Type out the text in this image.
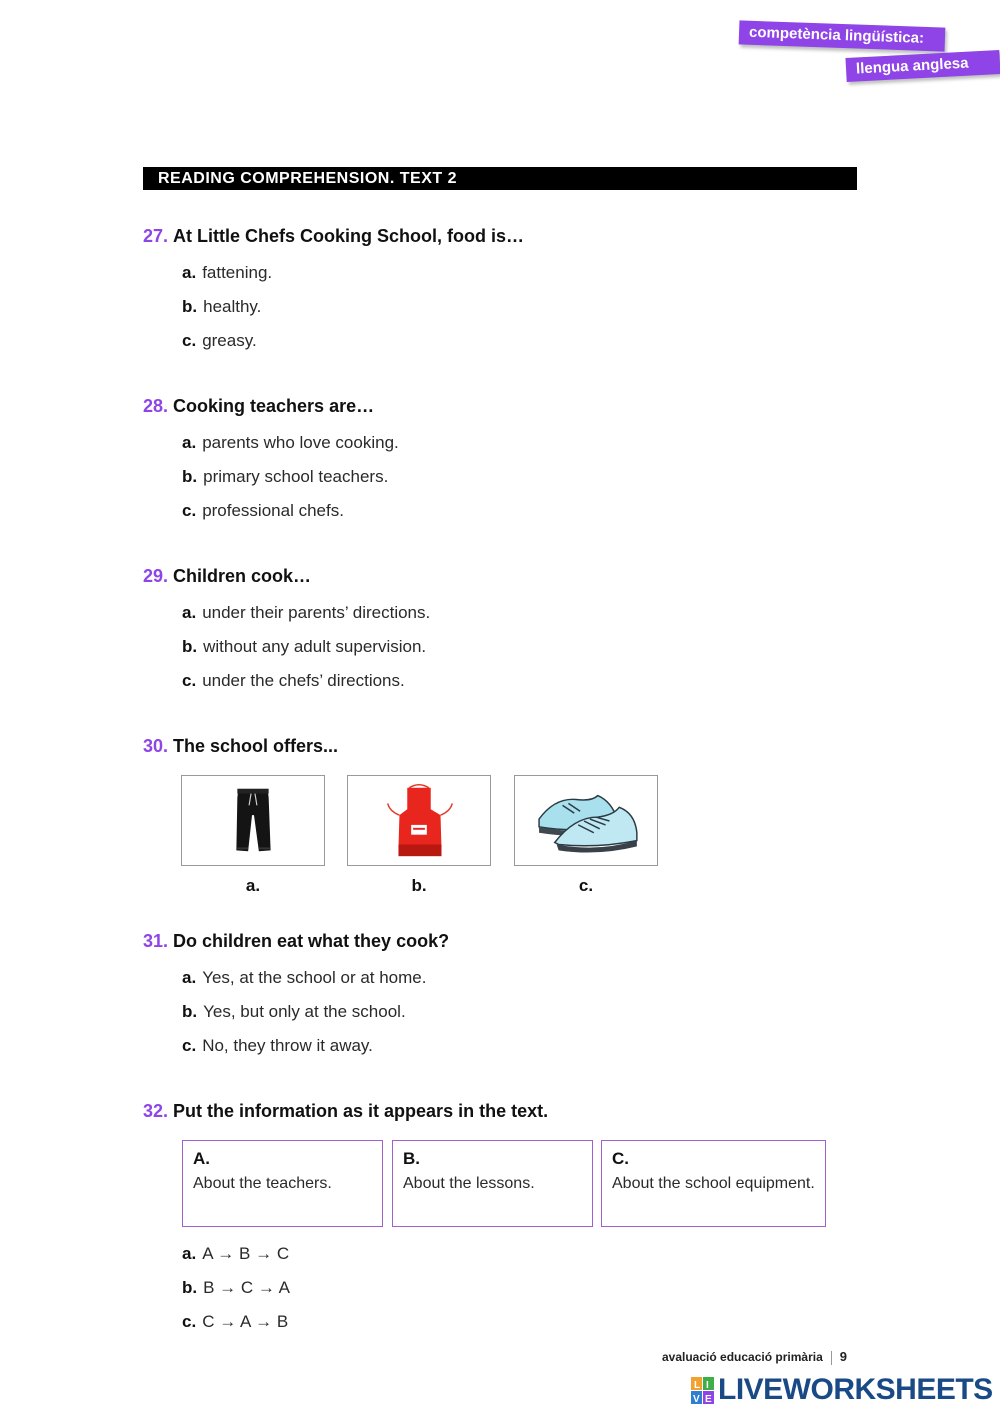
competència lingüística:
llengua anglesa
READING COMPREHENSION. TEXT 2
27. At Little Chefs Cooking School, food is…
a. fattening.
b. healthy.
c. greasy.
28. Cooking teachers are…
a. parents who love cooking.
b. primary school teachers.
c. professional chefs.
29. Children cook…
a. under their parents’ directions.
b. without any adult supervision.
c. under the chefs’ directions.
30. The school offers...
a.	b.	c.
31. Do children eat what they cook?
a. Yes, at the school or at home.
b. Yes, but only at the school.
c. No, they throw it away.
32. Put the information as it appears in the text.
A.
About the teachers.
B.
About the lessons.
C.
About the school equipment.
a. A → B → C
b. B → C → A
c. C → A → B
avaluació educació primària 9
L I
V E LIVEWORKSHEETS
